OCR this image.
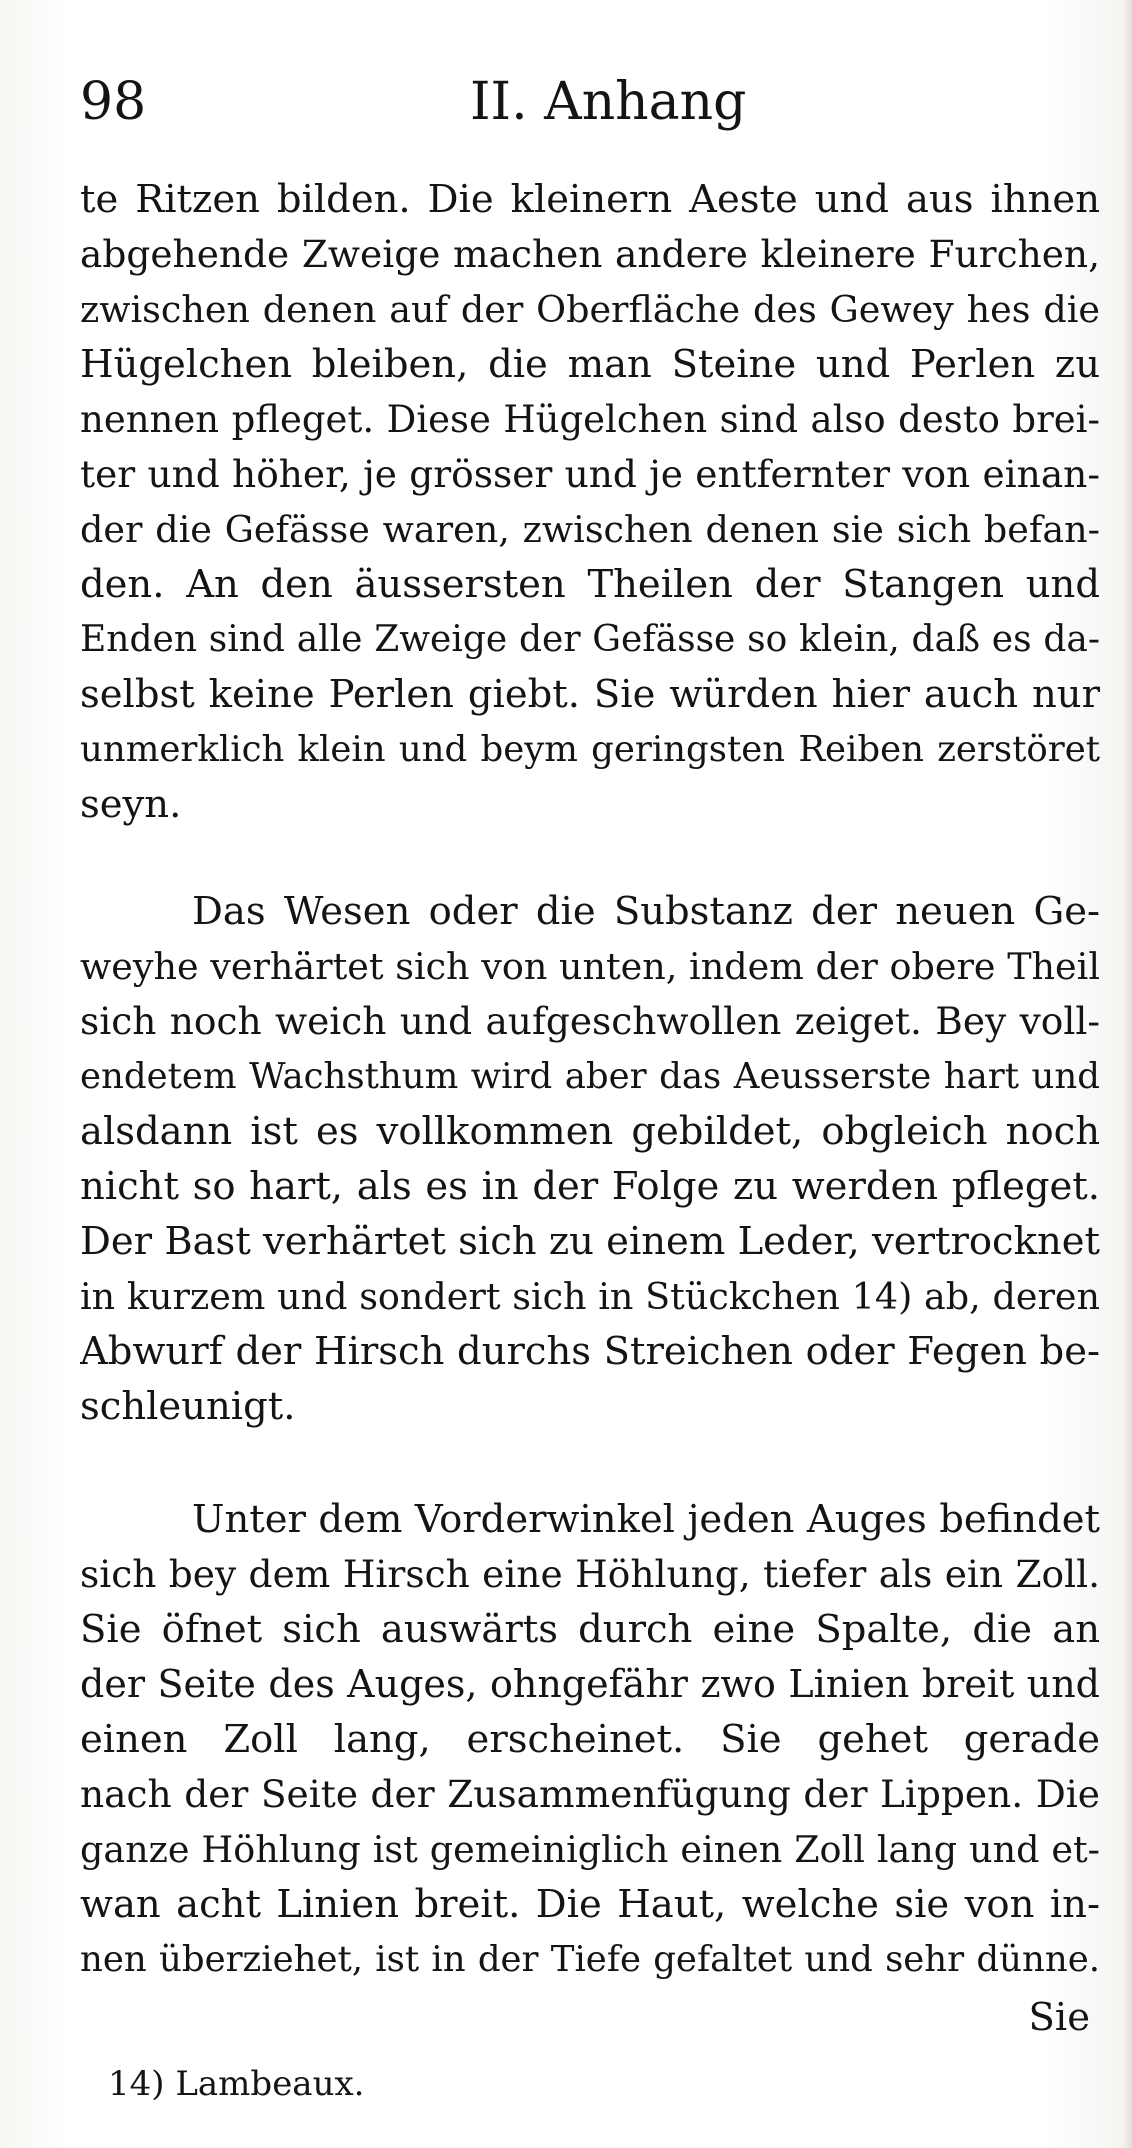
98	II. Anhang
te Ritzen bilden. Die kleinern Aeste und aus ihnen
abgehende Zweige machen andere kleinere Furchen,
zwischen denen auf der Oberfläche des Gewey hes die
Hügelchen bleiben, die man Steine und Perlen zu
nennen pfleget. Diese Hügelchen sind also desto brei-
ter und höher, je grösser und je entfernter von einan-
der die Gefässe waren, zwischen denen sie sich befan-
den. An den äussersten Theilen der Stangen und
Enden sind alle Zweige der Gefässe so klein, daß es da-
selbst keine Perlen giebt. Sie würden hier auch nur
unmerklich klein und beym geringsten Reiben zerstöret
seyn.
Das Wesen oder die Substanz der neuen Ge-
weyhe verhärtet sich von unten, indem der obere Theil
sich noch weich und aufgeschwollen zeiget. Bey voll-
endetem Wachsthum wird aber das Aeusserste hart und
alsdann ist es vollkommen gebildet, obgleich noch
nicht so hart, als es in der Folge zu werden pfleget.
Der Bast verhärtet sich zu einem Leder, vertrocknet
in kurzem und sondert sich in Stückchen 14) ab, deren
Abwurf der Hirsch durchs Streichen oder Fegen be-
schleunigt.
Unter dem Vorderwinkel jeden Auges befindet
sich bey dem Hirsch eine Höhlung, tiefer als ein Zoll.
Sie öfnet sich auswärts durch eine Spalte, die an
der Seite des Auges, ohngefähr zwo Linien breit und
einen Zoll lang, erscheinet. Sie gehet gerade
nach der Seite der Zusammenfügung der Lippen. Die
ganze Höhlung ist gemeiniglich einen Zoll lang und et-
wan acht Linien breit. Die Haut, welche sie von in-
nen überziehet, ist in der Tiefe gefaltet und sehr dünne.
Sie
14) Lambeaux.
